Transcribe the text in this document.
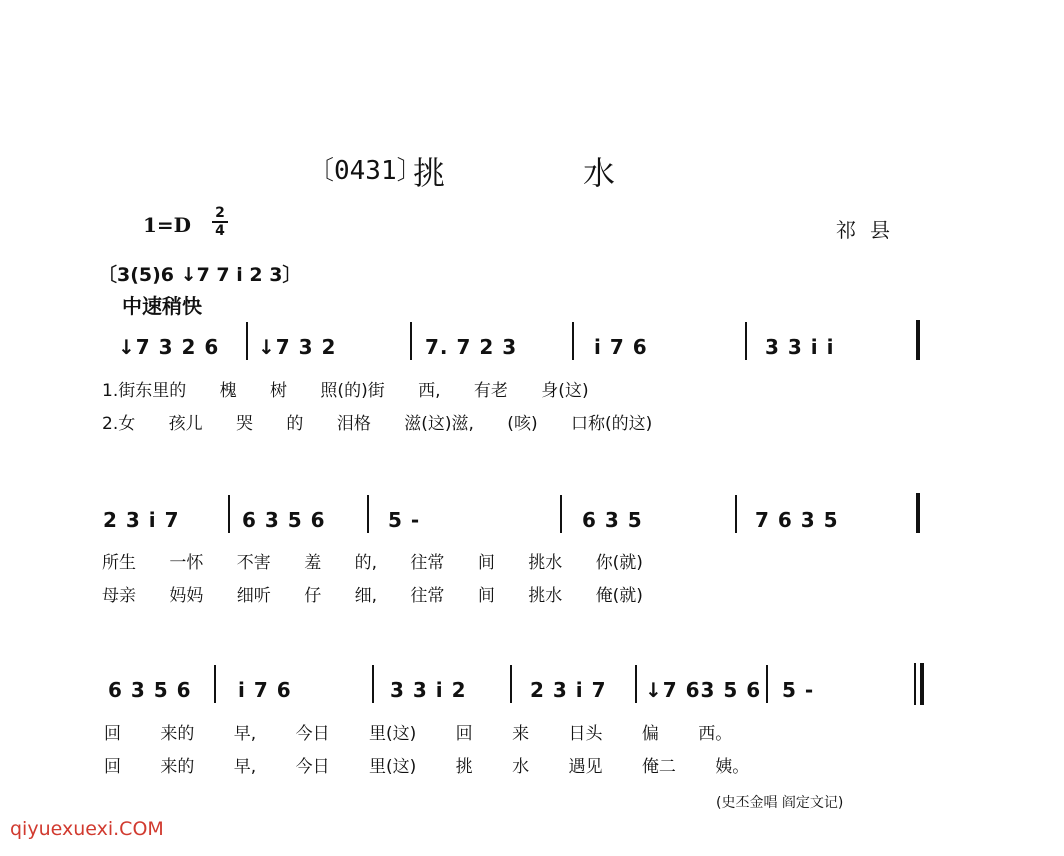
〔0431〕
挑	水
1=D 2
4	祁县
〔3(5)6 ↓7 7 i 2 3〕
中速稍快
↓7 3 2 6 ↓7 3 2	7. 7 2 3	i 7 6	3 3 i i
1.街东里的 槐 树 照(的)街 西, 有老 身(这)
2.女 孩儿 哭 的 泪格 滋(这)滋, (咳) 口称(的这)
2 3 i 7	6 3 5 6	5 -	6 3 5	7 6 3 5
所生 一怀 不害 羞 的, 往常 间 挑水 你(就)
母亲 妈妈 细听 仔 细, 往常 间 挑水 俺(就)
6 3 5 6 i 7 6	3 3 i 2	2 3 i 7 ↓7 63 5 6 5 -
回 来的 早, 今日 里(这) 回 来 日头 偏 西。
回 来的 早, 今日 里(这) 挑 水 遇见 俺二 姨。
(史丕金唱 阎定文记)
qiyuexuexi.COM
